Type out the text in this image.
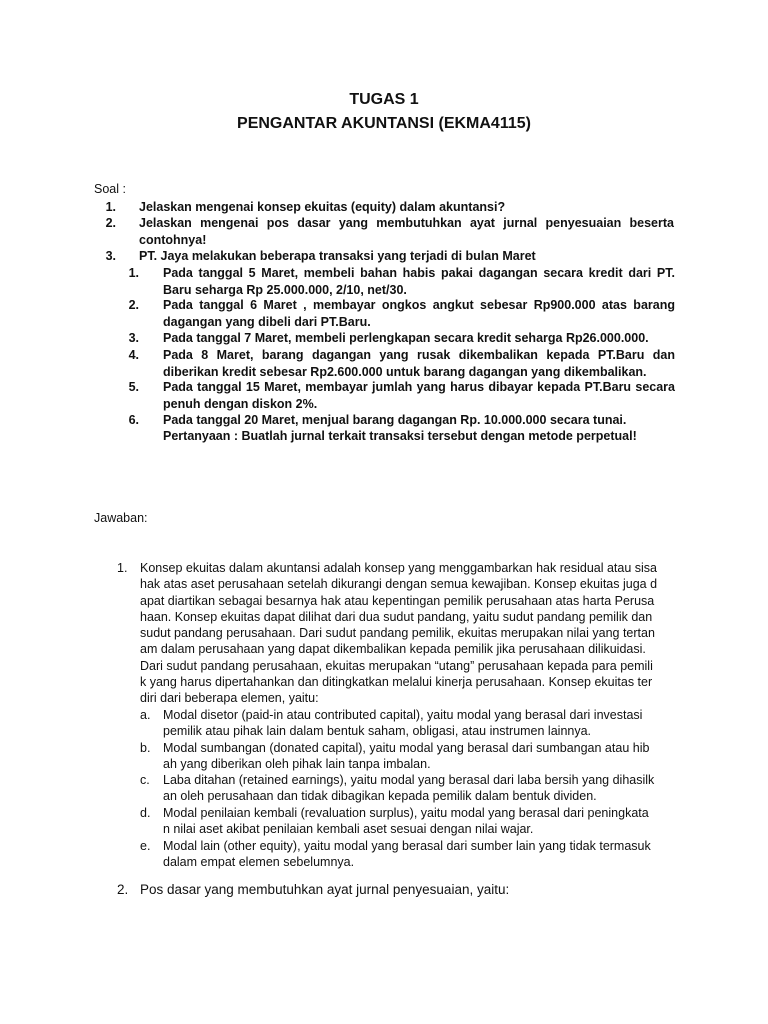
TUGAS 1
PENGANTAR AKUNTANSI (EKMA4115)
Soal :
1. Jelaskan mengenai konsep ekuitas (equity) dalam akuntansi?
2. Jelaskan mengenai pos dasar yang membutuhkan ayat jurnal penyesuaian beserta contohnya!
3. PT. Jaya melakukan beberapa transaksi yang terjadi di bulan Maret
1. Pada tanggal 5 Maret, membeli bahan habis pakai dagangan secara kredit dari PT. Baru seharga Rp 25.000.000, 2/10, net/30.
2. Pada tanggal 6 Maret , membayar ongkos angkut sebesar Rp900.000 atas barang dagangan yang dibeli dari PT.Baru.
3. Pada tanggal 7 Maret, membeli perlengkapan secara kredit seharga Rp26.000.000.
4. Pada 8 Maret, barang dagangan yang rusak dikembalikan kepada PT.Baru dan diberikan kredit sebesar Rp2.600.000 untuk barang dagangan yang dikembalikan.
5. Pada tanggal 15 Maret, membayar jumlah yang harus dibayar kepada PT.Baru secara penuh dengan diskon 2%.
6. Pada tanggal 20 Maret, menjual barang dagangan Rp. 10.000.000 secara tunai.
Pertanyaan : Buatlah jurnal terkait transaksi tersebut dengan metode perpetual!
Jawaban:
1. Konsep ekuitas dalam akuntansi adalah konsep yang menggambarkan hak residual atau sisa
hak atas aset perusahaan setelah dikurangi dengan semua kewajiban. Konsep ekuitas juga d
apat diartikan sebagai besarnya hak atau kepentingan pemilik perusahaan atas harta Perusa
haan. Konsep ekuitas dapat dilihat dari dua sudut pandang, yaitu sudut pandang pemilik dan
sudut pandang perusahaan. Dari sudut pandang pemilik, ekuitas merupakan nilai yang tertan
am dalam perusahaan yang dapat dikembalikan kepada pemilik jika perusahaan dilikuidasi.
Dari sudut pandang perusahaan, ekuitas merupakan “utang” perusahaan kepada para pemili
k yang harus dipertahankan dan ditingkatkan melalui kinerja perusahaan. Konsep ekuitas ter
diri dari beberapa elemen, yaitu:
a. Modal disetor (paid-in atau contributed capital), yaitu modal yang berasal dari investasi
pemilik atau pihak lain dalam bentuk saham, obligasi, atau instrumen lainnya.
b. Modal sumbangan (donated capital), yaitu modal yang berasal dari sumbangan atau hib
ah yang diberikan oleh pihak lain tanpa imbalan.
c. Laba ditahan (retained earnings), yaitu modal yang berasal dari laba bersih yang dihasilk
an oleh perusahaan dan tidak dibagikan kepada pemilik dalam bentuk dividen.
d. Modal penilaian kembali (revaluation surplus), yaitu modal yang berasal dari peningkata
n nilai aset akibat penilaian kembali aset sesuai dengan nilai wajar.
e. Modal lain (other equity), yaitu modal yang berasal dari sumber lain yang tidak termasuk
dalam empat elemen sebelumnya.
2. Pos dasar yang membutuhkan ayat jurnal penyesuaian, yaitu:
